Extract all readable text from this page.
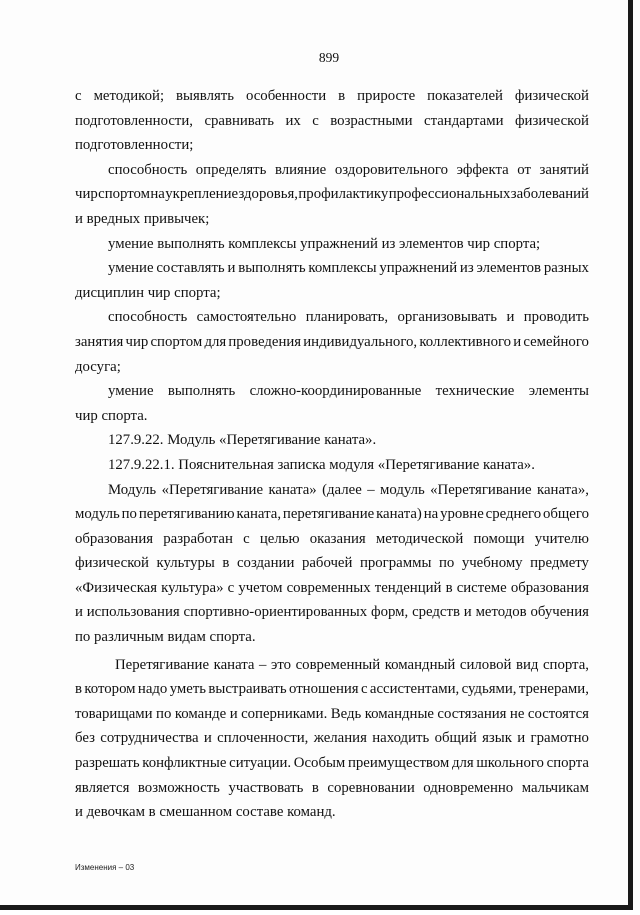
899
с методикой; выявлять особенности в приросте показателей физической
подготовленности, сравнивать их с возрастными стандартами физической
подготовленности;
способность определять влияние оздоровительного эффекта от занятий
чир спортом на укрепление здоровья, профилактику профессиональных заболеваний
и вредных привычек;
умение выполнять комплексы упражнений из элементов чир спорта;
умение составлять и выполнять комплексы упражнений из элементов разных
дисциплин чир спорта;
способность самостоятельно планировать, организовывать и проводить
занятия чир спортом для проведения индивидуального, коллективного и семейного
досуга;
умение выполнять сложно-координированные технические элементы
чир спорта.
127.9.22. Модуль «Перетягивание каната».
127.9.22.1. Пояснительная записка модуля «Перетягивание каната».
Модуль «Перетягивание каната» (далее – модуль «Перетягивание каната»,
модуль по перетягиванию каната, перетягивание каната) на уровне среднего общего
образования разработан с целью оказания методической помощи учителю
физической культуры в создании рабочей программы по учебному предмету
«Физическая культура» с учетом современных тенденций в системе образования
и использования спортивно-ориентированных форм, средств и методов обучения
по различным видам спорта.
Перетягивание каната – это современный командный силовой вид спорта,
в котором надо уметь выстраивать отношения с ассистентами, судьями, тренерами,
товарищами по команде и соперниками. Ведь командные состязания не состоятся
без сотрудничества и сплоченности, желания находить общий язык и грамотно
разрешать конфликтные ситуации. Особым преимуществом для школьного спорта
является возможность участвовать в соревновании одновременно мальчикам
и девочкам в смешанном составе команд.
Изменения – 03
